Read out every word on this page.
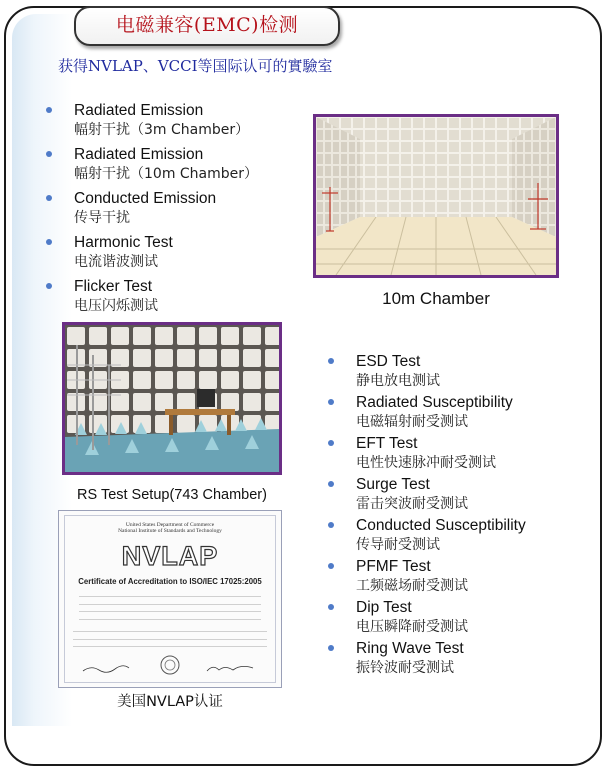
电磁兼容(EMC)检测
获得NVLAP、VCCI等国际认可的實驗室
Radiated Emission
幅射干扰（3m Chamber）
Radiated Emission
幅射干扰（10m Chamber）
Conducted Emission
传导干扰
Harmonic Test
电流谐波测试
Flicker Test
电压闪烁测试	10m Chamber
RS Test Setup(743 Chamber)
United States Department of Commerce
National Institute of Standards and Technology
NVLAP
Certificate of Accreditation to ISO/IEC 17025:2005
美国NVLAP认证
ESD Test
静电放电测试
Radiated Susceptibility
电磁辐射耐受测试
EFT Test
电性快速脉冲耐受测试
Surge Test
雷击突波耐受测试
Conducted Susceptibility
传导耐受测试
PFMF Test
工频磁场耐受测试
Dip Test
电压瞬降耐受测试
Ring Wave Test
振铃波耐受测试
